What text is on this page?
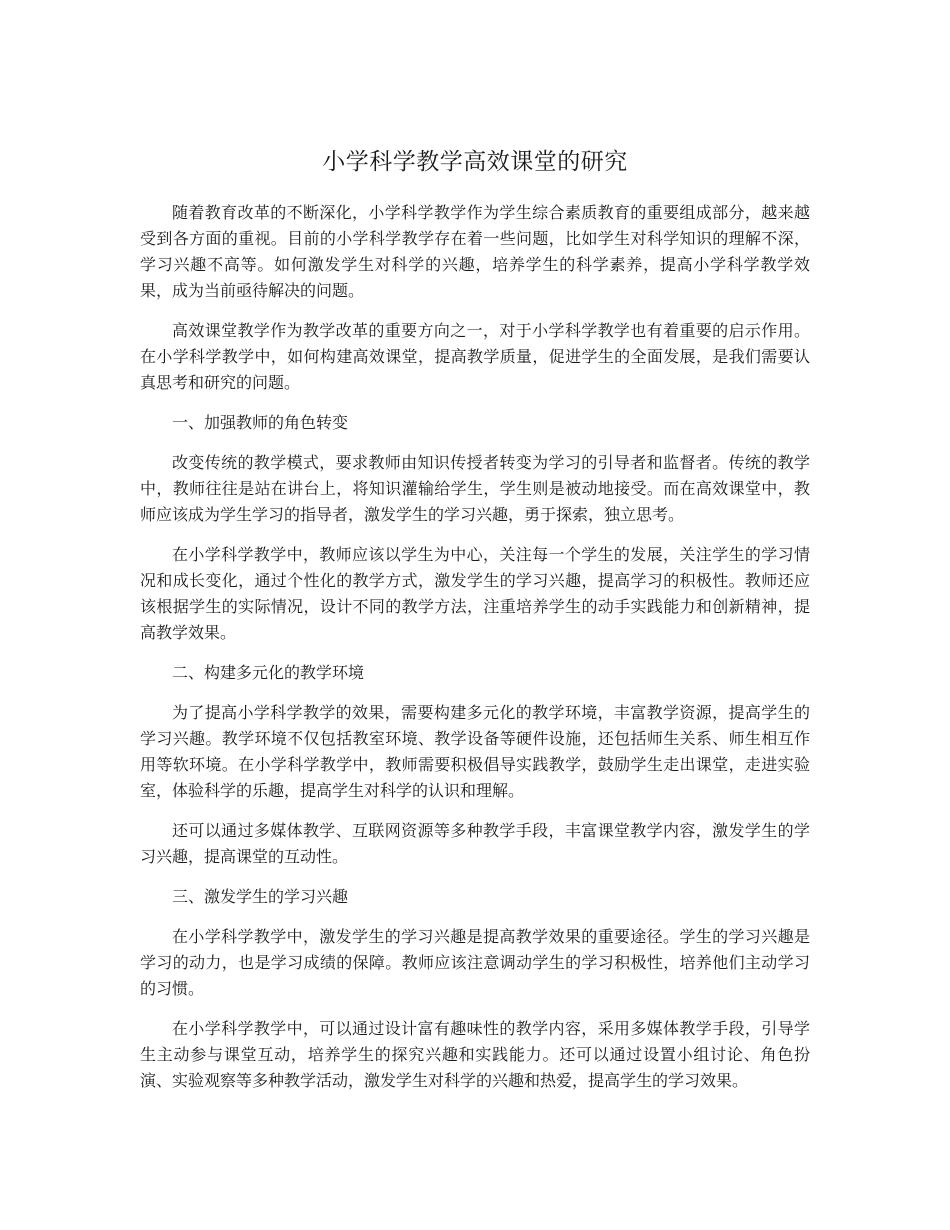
小学科学教学高效课堂的研究

随着教育改革的不断深化，小学科学教学作为学生综合素质教育的重要组成部分，越来越受到各方面的重视。目前的小学科学教学存在着一些问题，比如学生对科学知识的理解不深，学习兴趣不高等。如何激发学生对科学的兴趣，培养学生的科学素养，提高小学科学教学效果，成为当前亟待解决的问题。

高效课堂教学作为教学改革的重要方向之一，对于小学科学教学也有着重要的启示作用。在小学科学教学中，如何构建高效课堂，提高教学质量，促进学生的全面发展，是我们需要认真思考和研究的问题。

一、加强教师的角色转变

改变传统的教学模式，要求教师由知识传授者转变为学习的引导者和监督者。传统的教学中，教师往往是站在讲台上，将知识灌输给学生，学生则是被动地接受。而在高效课堂中，教师应该成为学生学习的指导者，激发学生的学习兴趣，勇于探索，独立思考。

在小学科学教学中，教师应该以学生为中心，关注每一个学生的发展，关注学生的学习情况和成长变化，通过个性化的教学方式，激发学生的学习兴趣，提高学习的积极性。教师还应该根据学生的实际情况，设计不同的教学方法，注重培养学生的动手实践能力和创新精神，提高教学效果。

二、构建多元化的教学环境

为了提高小学科学教学的效果，需要构建多元化的教学环境，丰富教学资源，提高学生的学习兴趣。教学环境不仅包括教室环境、教学设备等硬件设施，还包括师生关系、师生相互作用等软环境。在小学科学教学中，教师需要积极倡导实践教学，鼓励学生走出课堂，走进实验室，体验科学的乐趣，提高学生对科学的认识和理解。

还可以通过多媒体教学、互联网资源等多种教学手段，丰富课堂教学内容，激发学生的学习兴趣，提高课堂的互动性。

三、激发学生的学习兴趣

在小学科学教学中，激发学生的学习兴趣是提高教学效果的重要途径。学生的学习兴趣是学习的动力，也是学习成绩的保障。教师应该注意调动学生的学习积极性，培养他们主动学习的习惯。

在小学科学教学中，可以通过设计富有趣味性的教学内容，采用多媒体教学手段，引导学生主动参与课堂互动，培养学生的探究兴趣和实践能力。还可以通过设置小组讨论、角色扮演、实验观察等多种教学活动，激发学生对科学的兴趣和热爱，提高学生的学习效果。
